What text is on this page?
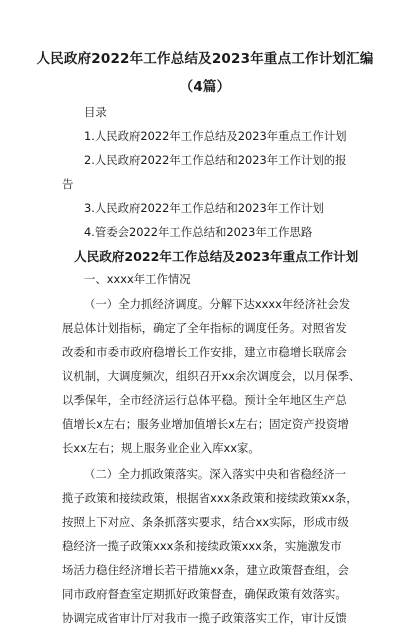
人民政府2022年工作总结及2023年重点工作计划汇编
（4篇）
目录
1.人民政府2022年工作总结及2023年重点工作计划
2.人民政府2022年工作总结和2023年工作计划的报
告
3.人民政府2022年工作总结和2023年工作计划
4.管委会2022年工作总结和2023年工作思路
人民政府2022年工作总结及2023年重点工作计划
一、xxxx年工作情况
（一）全力抓经济调度。分解下达xxxx年经济社会发
展总体计划指标，确定了全年指标的调度任务。对照省发
改委和市委市政府稳增长工作安排，建立市稳增长联席会
议机制，大调度频次，组织召开xx余次调度会，以月保季、
以季保年，全市经济运行总体平稳。预计全年地区生产总
值增长x左右；服务业增加值增长x左右；固定资产投资增
长xx左右；规上服务业企业入库xx家。
（二）全力抓政策落实。深入落实中央和省稳经济一
揽子政策和接续政策，根据省xxx条政策和接续政策xx条，
按照上下对应、条条抓落实要求，结合xx实际，形成市级
稳经济一揽子政策xxx条和接续政策xxx条，实施激发市
场活力稳住经济增长若干措施xx条，建立政策督查组，会
同市政府督查室定期抓好政策督查，确保政策有效落实。
协调完成省审计厅对我市一揽子政策落实工作，审计反馈
